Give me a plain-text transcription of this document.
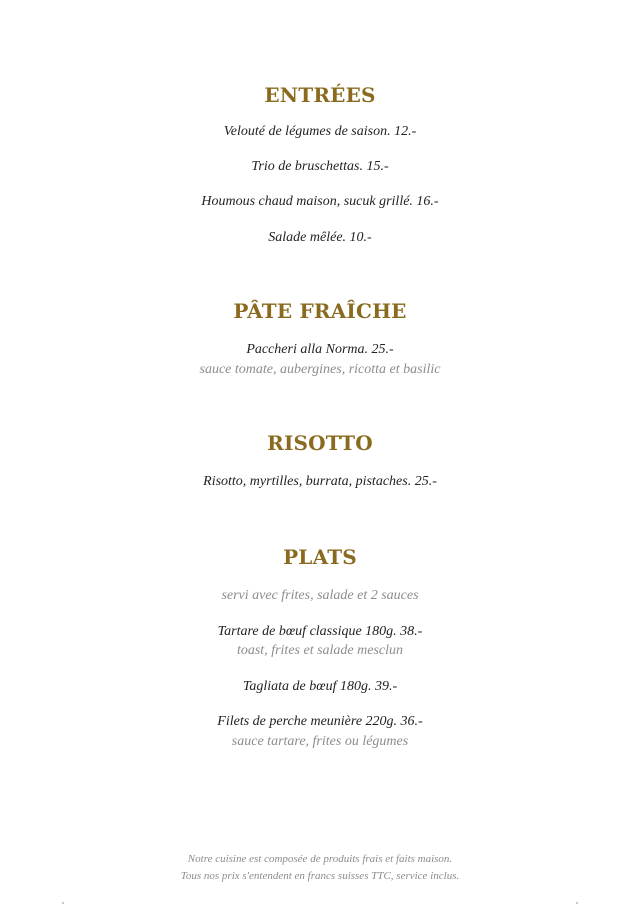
ENTRÉES
Velouté de légumes de saison. 12.-
Trio de bruschettas. 15.-
Houmous chaud maison, sucuk grillé. 16.-
Salade mêlée. 10.-
PÂTE FRAÎCHE
Paccheri alla Norma. 25.-
sauce tomate, aubergines, ricotta et basilic
RISOTTO
Risotto, myrtilles, burrata, pistaches. 25.-
PLATS
servi avec frites, salade et 2 sauces
Tartare de bœuf classique 180g. 38.-
toast, frites et salade mesclun
Tagliata de bœuf 180g. 39.-
Filets de perche meunière 220g. 36.-
sauce tartare, frites ou légumes
Notre cuisine est composée de produits frais et faits maison.
Tous nos prix s'entendent en francs suisses TTC, service inclus.
